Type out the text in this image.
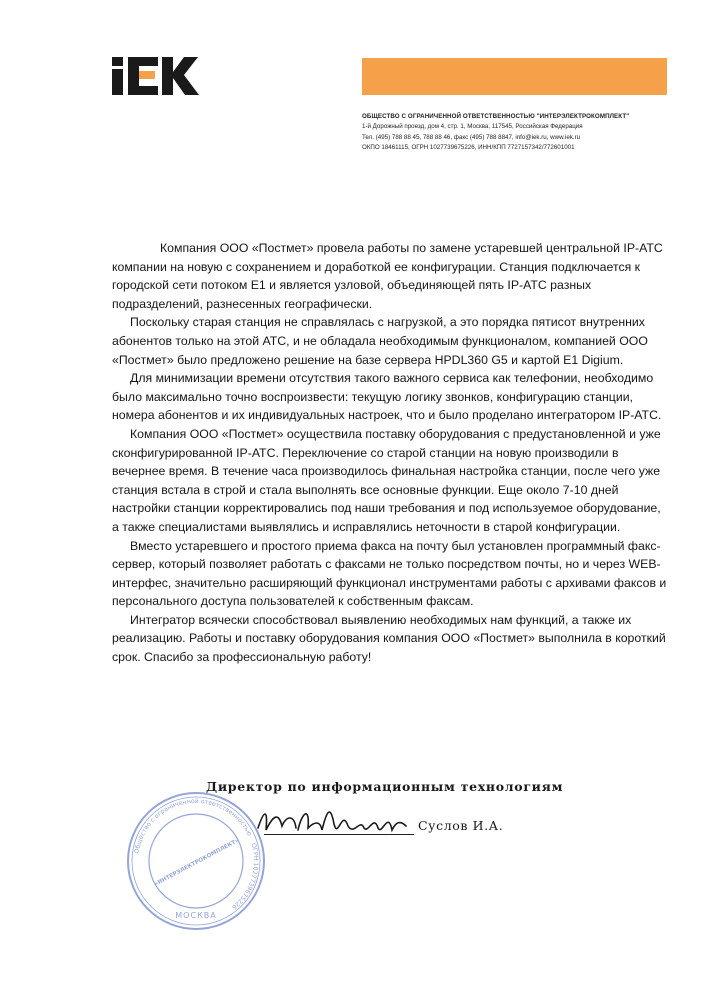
ОБЩЕСТВО С ОГРАНИЧЕННОЙ ОТВЕТСТВЕННОСТЬЮ "ИНТЕРЭЛЕКТРОКОМПЛЕКТ"
1-й Дорожный проезд, дом 4, стр. 1, Москва, 117545, Российская Федерация
Тел. (495) 788 88 45, 788 88 46, факс (495) 788 8847, info@iek.ru, www.iek.ru
ОКПО 18461115, ОГРН 1027739675226, ИНН/КПП 7727157342/772601001

Компания ООО «Постмет» провела работы по замене устаревшей центральной IP-АТС компании на новую с сохранением и доработкой ее конфигурации. Станция подключается к городской сети потоком E1 и является узловой, объединяющей пять IP-АТС разных подразделений, разнесенных географически.

Поскольку старая станция не справлялась с нагрузкой, а это порядка пятисот внутренних абонентов только на этой АТС, и не обладала необходимым функционалом, компанией ООО «Постмет» было предложено решение на базе сервера HPDL360 G5 и картой E1 Digium.

Для минимизации времени отсутствия такого важного сервиса как телефонии, необходимо было максимально точно воспроизвести: текущую логику звонков, конфигурацию станции, номера абонентов и их индивидуальных настроек, что и было проделано интегратором IP-АТС.

Компания ООО «Постмет» осуществила поставку оборудования с предустановленной и уже сконфигурированной IP-АТС. Переключение со старой станции на новую производили в вечернее время. В течение часа производилось финальная настройка станции, после чего уже станция встала в строй и стала выполнять все основные функции. Еще около 7-10 дней настройки станции корректировались под наши требования и под используемое оборудование, а также специалистами выявлялись и исправлялись неточности в старой конфигурации.

Вместо устаревшего и простого приема факса на почту был установлен программный факс-сервер, который позволяет работать с факсами не только посредством почты, но и через WEB-интерфес, значительно расширяющий функционал инструментами работы с архивами факсов и персонального доступа пользователей к собственным факсам.

Интегратор всячески способствовал выявлению необходимых нам функций, а также их реализацию. Работы и поставку оборудования компания ООО «Постмет» выполнила в короткий срок. Спасибо за профессиональную работу!

Общество с ограниченной ответственностью ОГРН 1027739675226
«ИНТЕРЭЛЕКТРОКОМПЛЕКТ»
МОСКВА
Директор по информационным технологиям
Суслов И.А.
